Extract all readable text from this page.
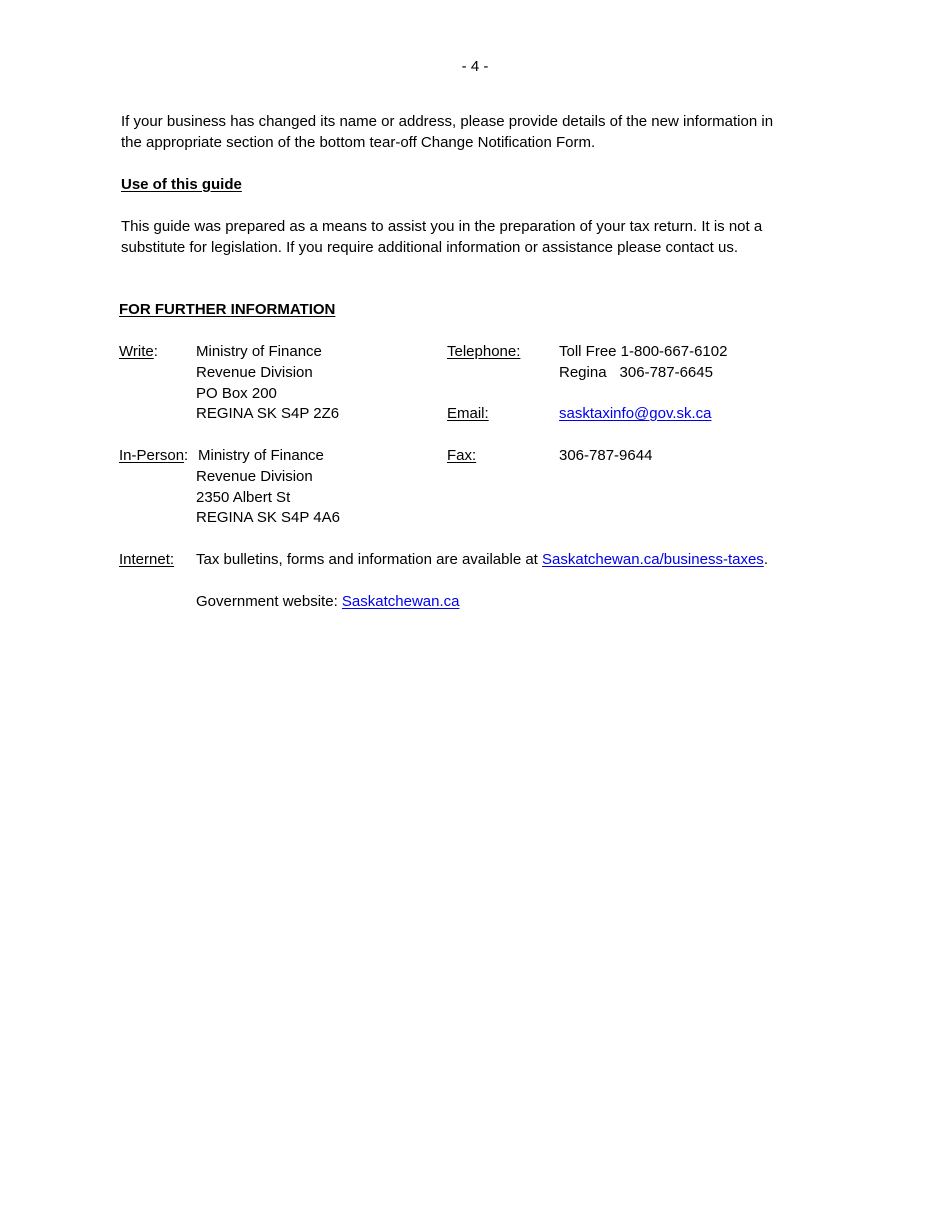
- 4 -
If your business has changed its name or address, please provide details of the new information in
the appropriate section of the bottom tear-off Change Notification Form.
Use of this guide
This guide was prepared as a means to assist you in the preparation of your tax return. It is not a
substitute for legislation. If you require additional information or assistance please contact us.
FOR FURTHER INFORMATION
Write:	Ministry of Finance
Revenue Division
PO Box 200
REGINA SK S4P 2Z6
Telephone:	Toll Free 1-800-667-6102
Regina 306-787-6645
Email:	sasktaxinfo@gov.sk.ca
In-Person: Ministry of Finance
Revenue Division
2350 Albert St
REGINA SK S4P 4A6
Fax:	306-787-9644
Internet: Tax bulletins, forms and information are available at Saskatchewan.ca/business-taxes.
Government website: Saskatchewan.ca
